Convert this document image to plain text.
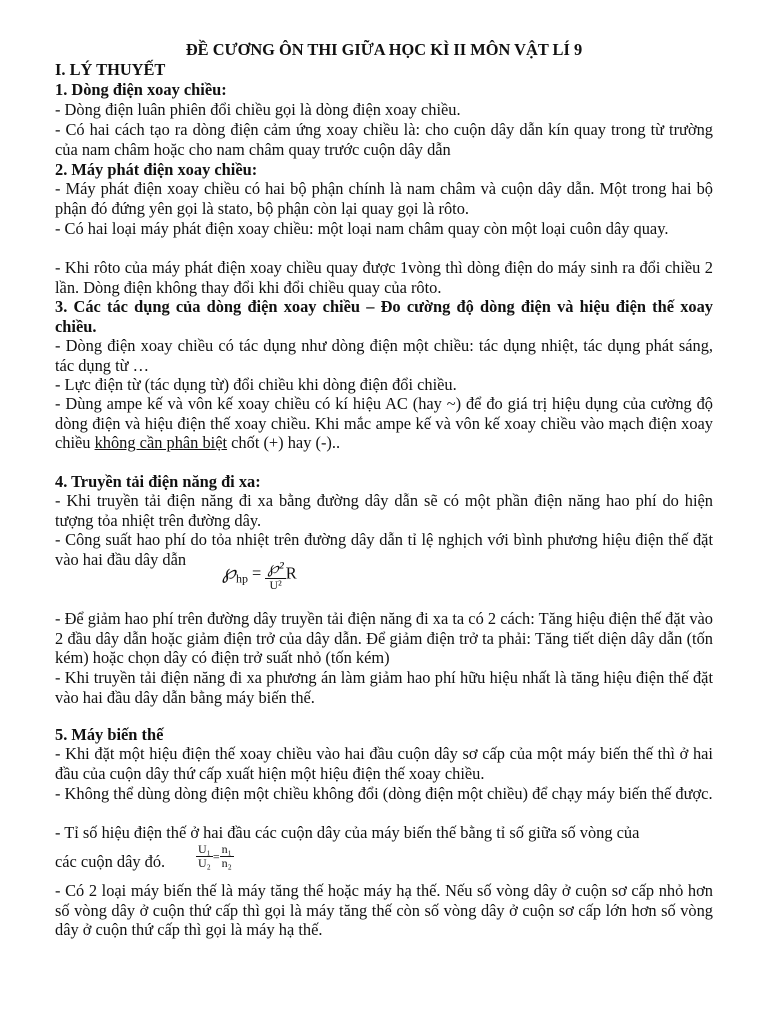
ĐỀ CƯƠNG ÔN THI GIỮA HỌC KÌ II MÔN VẬT LÍ 9
I. LÝ THUYẾT
1. Dòng điện xoay chiều:
- Dòng điện luân phiên đổi chiều gọi là dòng điện xoay chiều.
- Có hai cách tạo ra dòng điện cảm ứng xoay chiều là: cho cuộn dây dẫn kín quay trong từ trường của nam châm hoặc cho nam châm quay trước cuộn dây dẫn
2. Máy phát điện xoay chiều:
- Máy phát điện xoay chiều có hai bộ phận chính là nam châm và cuộn dây dẫn. Một trong hai bộ phận đó đứng yên gọi là stato, bộ phận còn lại quay gọi là rôto.
- Có hai loại máy phát điện xoay chiều: một loại nam châm quay còn một loại cuôn dây quay.
- Khi rôto của máy phát điện xoay chiều quay được 1vòng thì dòng điện do máy sinh ra đổi chiều 2 lần. Dòng điện không thay đổi khi đổi chiều quay của rôto.
3. Các tác dụng của dòng điện xoay chiều – Đo cường độ dòng điện và hiệu điện thế xoay chiều.
- Dòng điện xoay chiều có tác dụng như dòng điện một chiều: tác dụng nhiệt, tác dụng phát sáng, tác dụng từ …
- Lực điện từ (tác dụng từ) đổi chiều khi dòng điện đổi chiều.
- Dùng ampe kế và vôn kế xoay chiều có kí hiệu AC (hay ~) để đo giá trị hiệu dụng của cường độ dòng điện và hiệu điện thế xoay chiều. Khi mắc ampe kế và vôn kế xoay chiều vào mạch điện xoay chiều không cần phân biệt chốt (+) hay (-)..
4. Truyền tải điện năng đi xa:
- Khi truyền tải điện năng đi xa bằng đường dây dẫn sẽ có một phần điện năng hao phí do hiện tượng tỏa nhiệt trên đường dây.
- Công suất hao phí do tỏa nhiệt trên đường dây dẫn tỉ lệ nghịch với bình phương hiệu điện thế đặt vào hai đầu dây dẫn
$℘_{hp} = \frac{\text{℘²}}{\text{U²}}$ R
- Để giảm hao phí trên đường dây truyền tải điện năng đi xa ta có 2 cách: Tăng hiệu điện thế đặt vào 2 đầu dây dẫn hoặc giảm điện trở của dây dẫn. Để giảm điện trở ta phải: Tăng tiết diện dây dẫn (tốn kém) hoặc chọn dây có điện trở suất nhỏ (tốn kém)
- Khi truyền tải điện năng đi xa phương án làm giảm hao phí hữu hiệu nhất là tăng hiệu điện thế đặt vào hai đầu dây dẫn bằng máy biến thế.
5. Máy biến thế
- Khi đặt một hiệu điện thế xoay chiều vào hai đầu cuộn dây sơ cấp của một máy biến thế thì ở hai đầu của cuộn dây thứ cấp xuất hiện một hiệu điện thế xoay chiều.
- Không thể dùng dòng điện một chiều không đổi (dòng điện một chiều) để chạy máy biến thế được.
- Tỉ số hiệu điện thế ở hai đầu các cuộn dây của máy biến thế bằng tỉ số giữa số vòng của
các cuộn dây đó.	$\frac{\text{U₁}}{\text{U₂}} = \frac{\text{n₁}}{\text{n₂}}$
- Có 2 loại máy biến thế là máy tăng thế hoặc máy hạ thế. Nếu số vòng dây ở cuộn sơ cấp nhỏ hơn số vòng dây ở cuộn thứ cấp thì gọi là máy tăng thế còn số vòng dây ở cuộn sơ cấp lớn hơn số vòng dây ở cuộn thứ cấp thì gọi là máy hạ thế.
